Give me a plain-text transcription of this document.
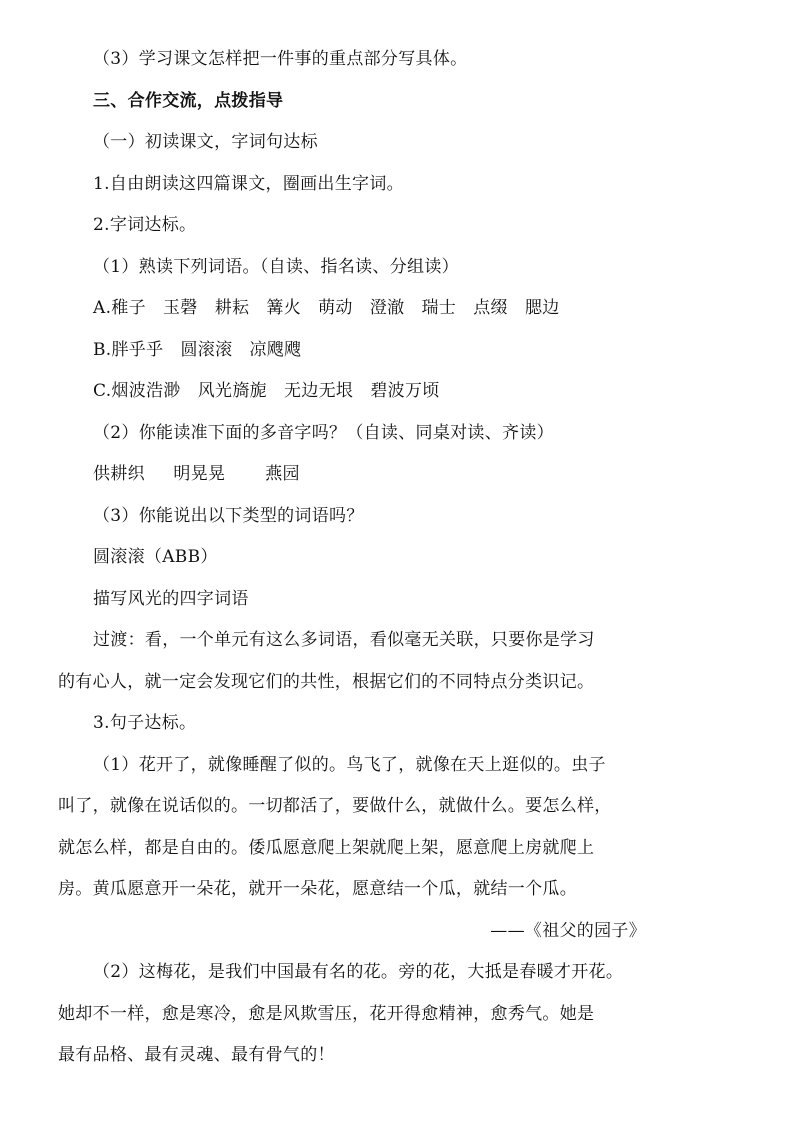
（3）学习课文怎样把一件事的重点部分写具体。
三、合作交流，点拨指导
（一）初读课文，字词句达标
1.自由朗读这四篇课文，圈画出生字词。
2.字词达标。
（1）熟读下列词语。（自读、指名读、分组读）
A.稚子   玉磬   耕耘   篝火   萌动   澄澈   瑞士   点缀   腮边
B.胖乎乎   圆滚滚   凉飕飕
C.烟波浩渺   风光旖旎   无边无垠   碧波万顷
（2）你能读准下面的多音字吗？（自读、同桌对读、齐读）
供耕织     明晃晃       燕园
（3）你能说出以下类型的词语吗？
圆滚滚（ABB）
描写风光的四字词语
过渡：看，一个单元有这么多词语，看似毫无关联，只要你是学习
的有心人，就一定会发现它们的共性，根据它们的不同特点分类识记。
3.句子达标。
（1）花开了，就像睡醒了似的。鸟飞了，就像在天上逛似的。虫子
叫了，就像在说话似的。一切都活了，要做什么，就做什么。要怎么样，
就怎么样，都是自由的。倭瓜愿意爬上架就爬上架，愿意爬上房就爬上
房。黄瓜愿意开一朵花，就开一朵花，愿意结一个瓜，就结一个瓜。
——《祖父的园子》
（2）这梅花，是我们中国最有名的花。旁的花，大抵是春暖才开花。
她却不一样，愈是寒冷，愈是风欺雪压，花开得愈精神，愈秀气。她是
最有品格、最有灵魂、最有骨气的！
